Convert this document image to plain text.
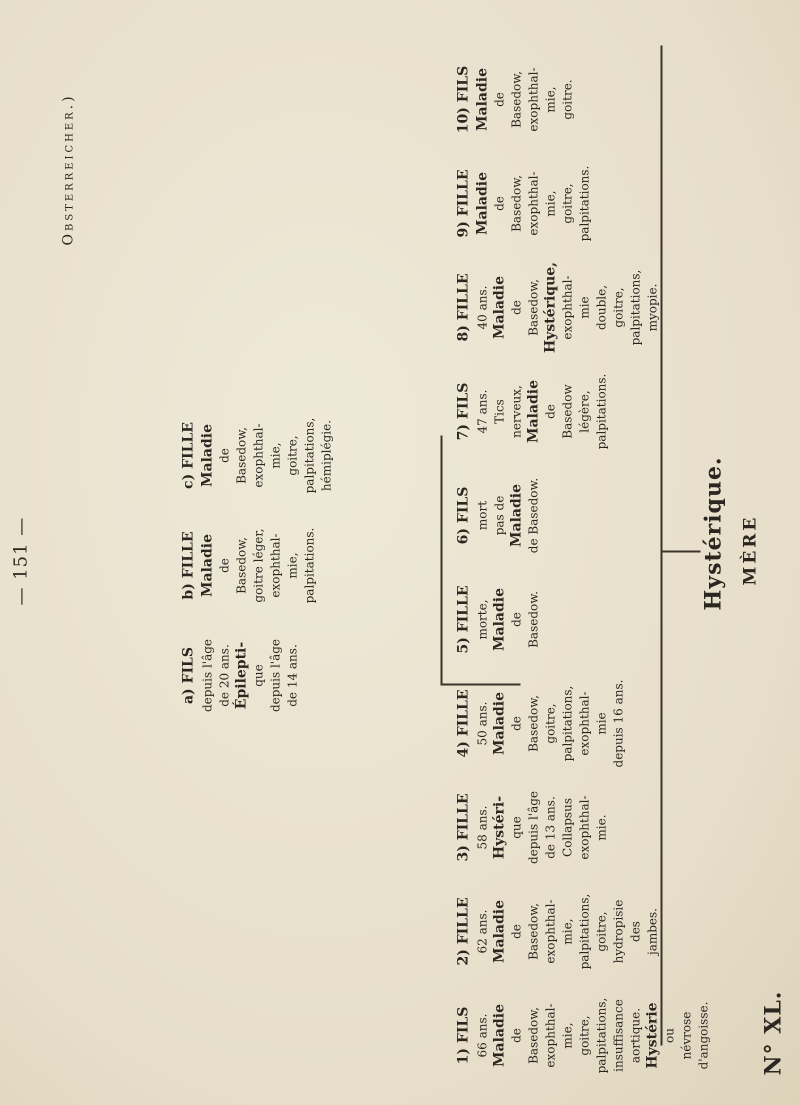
— 151 —
Obsterreicher.)
N° XL.
MÈRE
Hystérique.
1) FILS 66 ans. Maladie de Basedow, exophthal- mie, goitre, palpitations, insuffisance aortique. Hystérie ou névrose d'angoisse.
2) FILLE 62 ans. Maladie de Basedow, exophthal- mie, palpitations, goitre, hydropisie des jambes.
3) FILLE 58 ans. Hystéri- que depuis l'âge de 13 ans. Collapsus exophthal- mie.
4) FILLE 50 ans. Maladie de Basedow, goitre, palpitations, exophthal- mie depuis 16 ans.
5) FILLE morte, Maladie de Basedow.
6) FILS mort pas de Maladie de Basedow.
7) FILS 47 ans. Tics nerveux, Maladie de Basedow légère, palpitations.
8) FILLE 40 ans. Maladie de Basedow, Hystérique, exophthal- mie double, goitre, palpitations, myopie.
9) FILLE Maladie de Basedow, exophthal- mie, goitre, palpitations.
10) FILS Maladie de Basedow, exophthal- mie, goitre.
a) FILS depuis l'âge de 20 ans. Épilepti- que depuis l'âge de 14 ans.
b) FILLE Maladie de Basedow, goitre léger, exophthal- mie, palpitations.
c) FILLE Maladie de Basedow, exophthal- mie, goitre, palpitations, hémiplégie.
